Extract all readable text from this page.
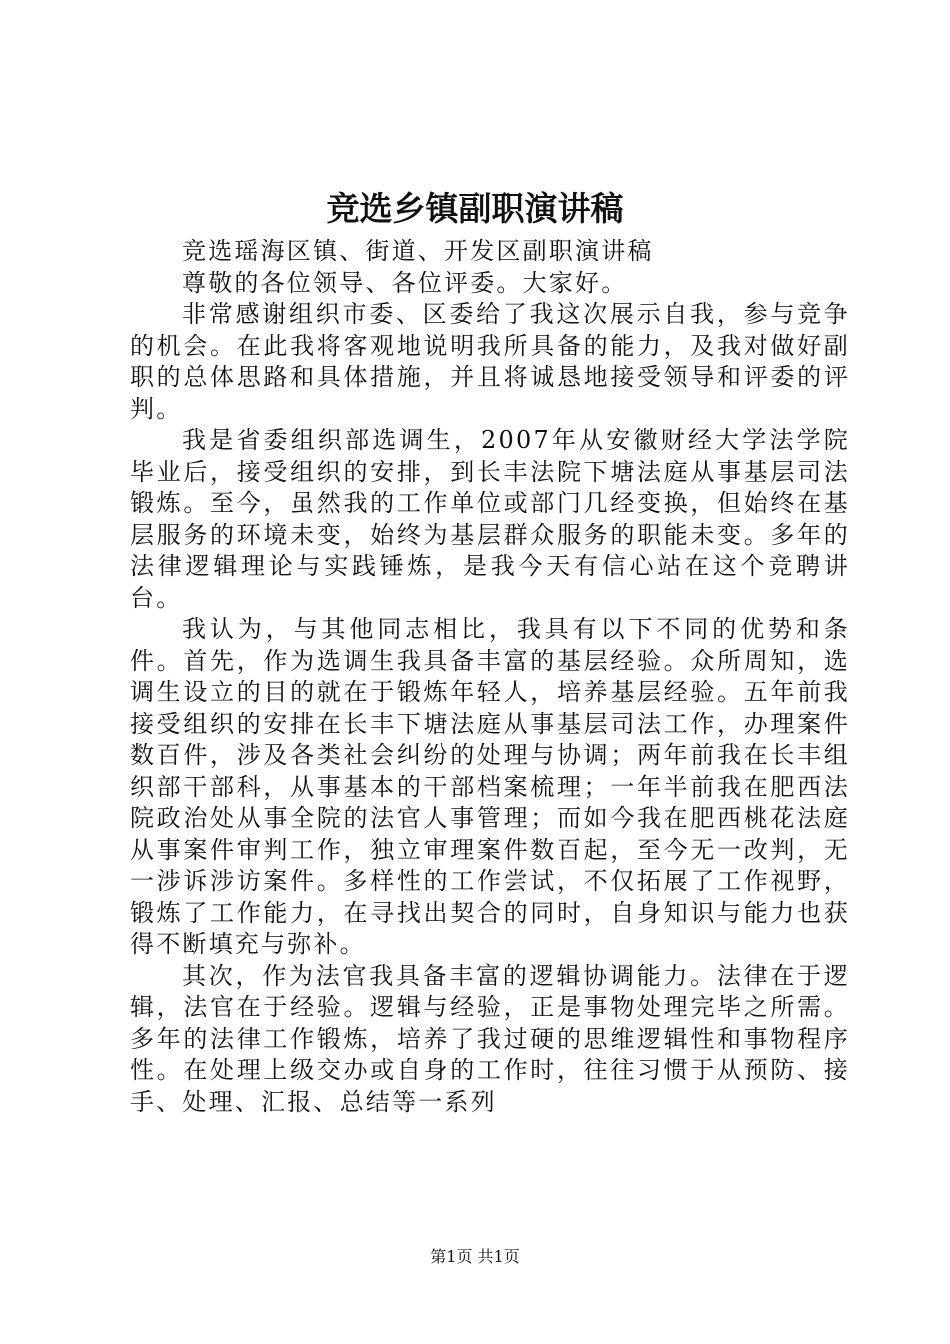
竞选乡镇副职演讲稿

竞选瑶海区镇、街道、开发区副职演讲稿

尊敬的各位领导、各位评委。大家好。

非常感谢组织市委、区委给了我这次展示自我，参与竞争的机会。在此我将客观地说明我所具备的能力，及我对做好副职的总体思路和具体措施，并且将诚恳地接受领导和评委的评判。

我是省委组织部选调生，2007年从安徽财经大学法学院毕业后，接受组织的安排，到长丰法院下塘法庭从事基层司法锻炼。至今，虽然我的工作单位或部门几经变换，但始终在基层服务的环境未变，始终为基层群众服务的职能未变。多年的法律逻辑理论与实践锤炼，是我今天有信心站在这个竞聘讲台。

我认为，与其他同志相比，我具有以下不同的优势和条件。首先，作为选调生我具备丰富的基层经验。众所周知，选调生设立的目的就在于锻炼年轻人，培养基层经验。五年前我接受组织的安排在长丰下塘法庭从事基层司法工作，办理案件数百件，涉及各类社会纠纷的处理与协调；两年前我在长丰组织部干部科，从事基本的干部档案梳理；一年半前我在肥西法院政治处从事全院的法官人事管理；而如今我在肥西桃花法庭从事案件审判工作，独立审理案件数百起，至今无一改判，无一涉诉涉访案件。多样性的工作尝试，不仅拓展了工作视野，锻炼了工作能力，在寻找出契合的同时，自身知识与能力也获得不断填充与弥补。

其次，作为法官我具备丰富的逻辑协调能力。法律在于逻辑，法官在于经验。逻辑与经验，正是事物处理完毕之所需。多年的法律工作锻炼，培养了我过硬的思维逻辑性和事物程序性。在处理上级交办或自身的工作时，往往习惯于从预防、接手、处理、汇报、总结等一系列

第1页 共1页
